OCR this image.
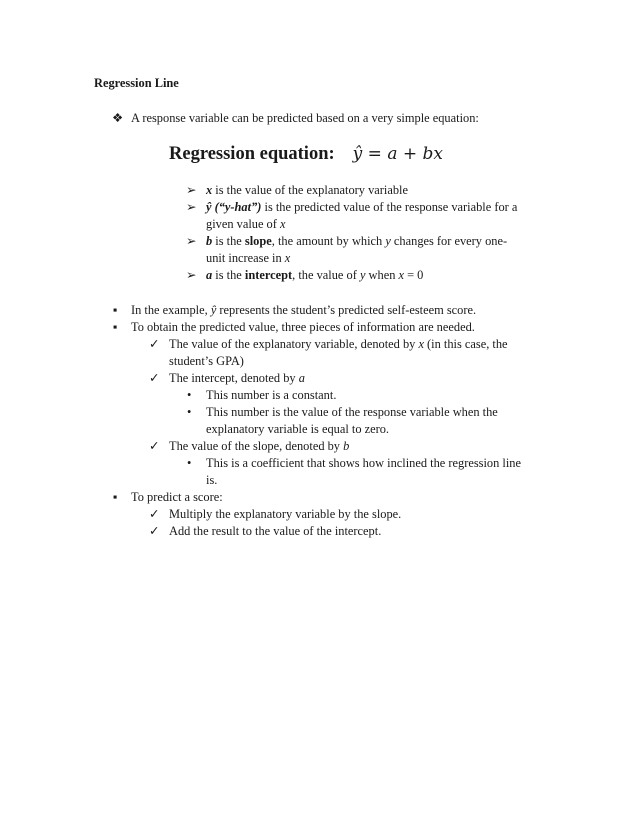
Regression Line
❖ A response variable can be predicted based on a very simple equation:
Regression equation: ŷ = a + bx
➢ x is the value of the explanatory variable
➢ ŷ (“y-hat”) is the predicted value of the response variable for a
given value of x
➢ b is the slope, the amount by which y changes for every one-
unit increase in x
➢ a is the intercept, the value of y when x = 0
▪ In the example, ŷ represents the student’s predicted self-esteem score.
▪ To obtain the predicted value, three pieces of information are needed.
✓ The value of the explanatory variable, denoted by x (in this case, the
student’s GPA)
✓ The intercept, denoted by a
• This number is a constant.
• This number is the value of the response variable when the
explanatory variable is equal to zero.
✓ The value of the slope, denoted by b
• This is a coefficient that shows how inclined the regression line
is.
▪ To predict a score:
✓ Multiply the explanatory variable by the slope.
✓ Add the result to the value of the intercept.
